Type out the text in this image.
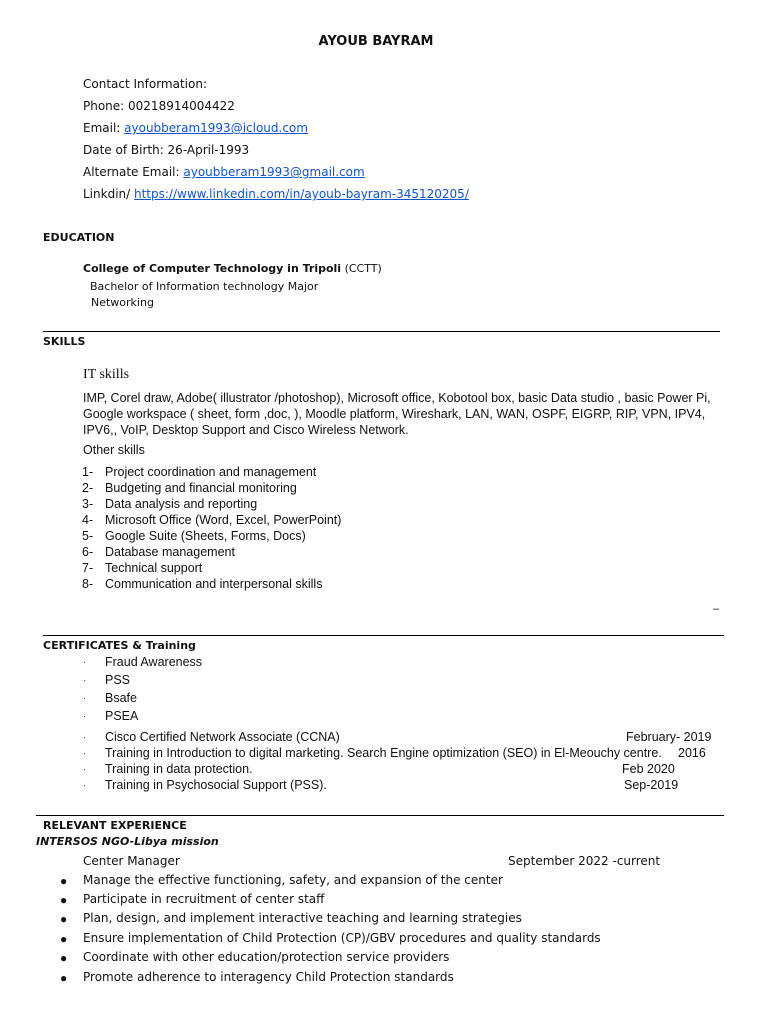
AYOUB BAYRAM
Contact Information:
Phone: 00218914004422
Email: ayoubberam1993@icloud.com
Date of Birth: 26-April-1993
Alternate Email: ayoubberam1993@gmail.com
Linkdin/ https://www.linkedin.com/in/ayoub-bayram-345120205/
EDUCATION
College of Computer Technology in Tripoli (CCTT)
Bachelor of Information technology Major
Networking
SKILLS
IT skills
IMP, Corel draw, Adobe( illustrator /photoshop), Microsoft office, Kobotool box, basic Data studio , basic Power Pi,
Google workspace ( sheet, form ,doc, ), Moodle platform, Wireshark, LAN, WAN, OSPF, EIGRP, RIP, VPN, IPV4,
IPV6,, VoIP, Desktop Support and Cisco Wireless Network.
Other skills
1- Project coordination and management
2- Budgeting and financial monitoring
3- Data analysis and reporting
4- Microsoft Office (Word, Excel, PowerPoint)
5- Google Suite (Sheets, Forms, Docs)
6- Database management
7- Technical support
8- Communication and interpersonal skills
–
CERTIFICATES & Training
· Fraud Awareness
· PSS
· Bsafe
· PSEA
· Cisco Certified Network Associate (CCNA)	February- 2019
· Training in Introduction to digital marketing. Search Engine optimization (SEO) in El-Meouchy centre. 2016
· Training in data protection.	Feb 2020
· Training in Psychosocial Support (PSS).	Sep-2019
RELEVANT EXPERIENCE
INTERSOS NGO-Libya mission
Center Manager	September 2022 -current
● Manage the effective functioning, safety, and expansion of the center
● Participate in recruitment of center staff
● Plan, design, and implement interactive teaching and learning strategies
● Ensure implementation of Child Protection (CP)/GBV procedures and quality standards
● Coordinate with other education/protection service providers
● Promote adherence to interagency Child Protection standards
